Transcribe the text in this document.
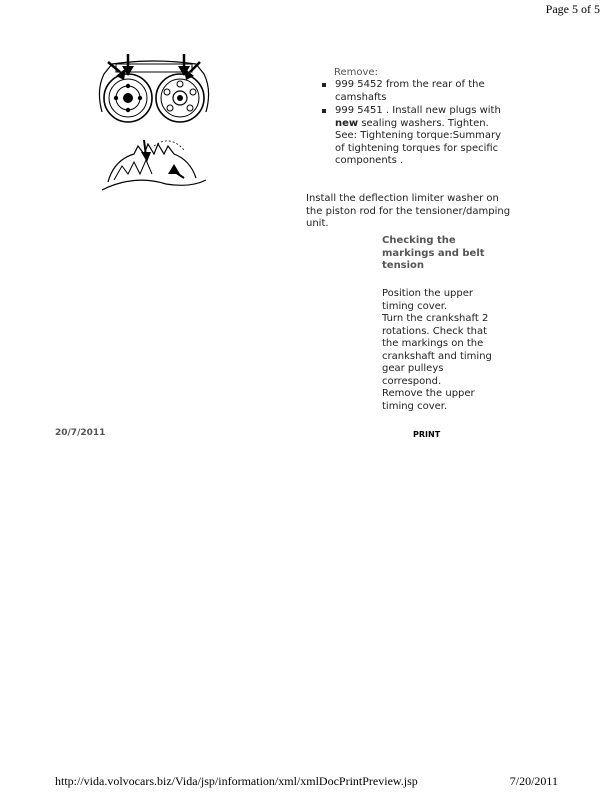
Page 5 of 5
Remove:
999 5452 from the rear of the camshafts
999 5451 . Install new plugs with new sealing washers. Tighten. See: Tightening torque:Summary of tightening torques for specific components .
Install the deflection limiter washer on the piston rod for the tensioner/damping unit.
Checking the markings and belt tension
Position the upper timing cover.
Turn the crankshaft 2 rotations. Check that the markings on the crankshaft and timing gear pulleys correspond.
Remove the upper timing cover.
20/7/2011	PRINT
http://vida.volvocars.biz/Vida/jsp/information/xml/xmlDocPrintPreview.jsp	7/20/2011
